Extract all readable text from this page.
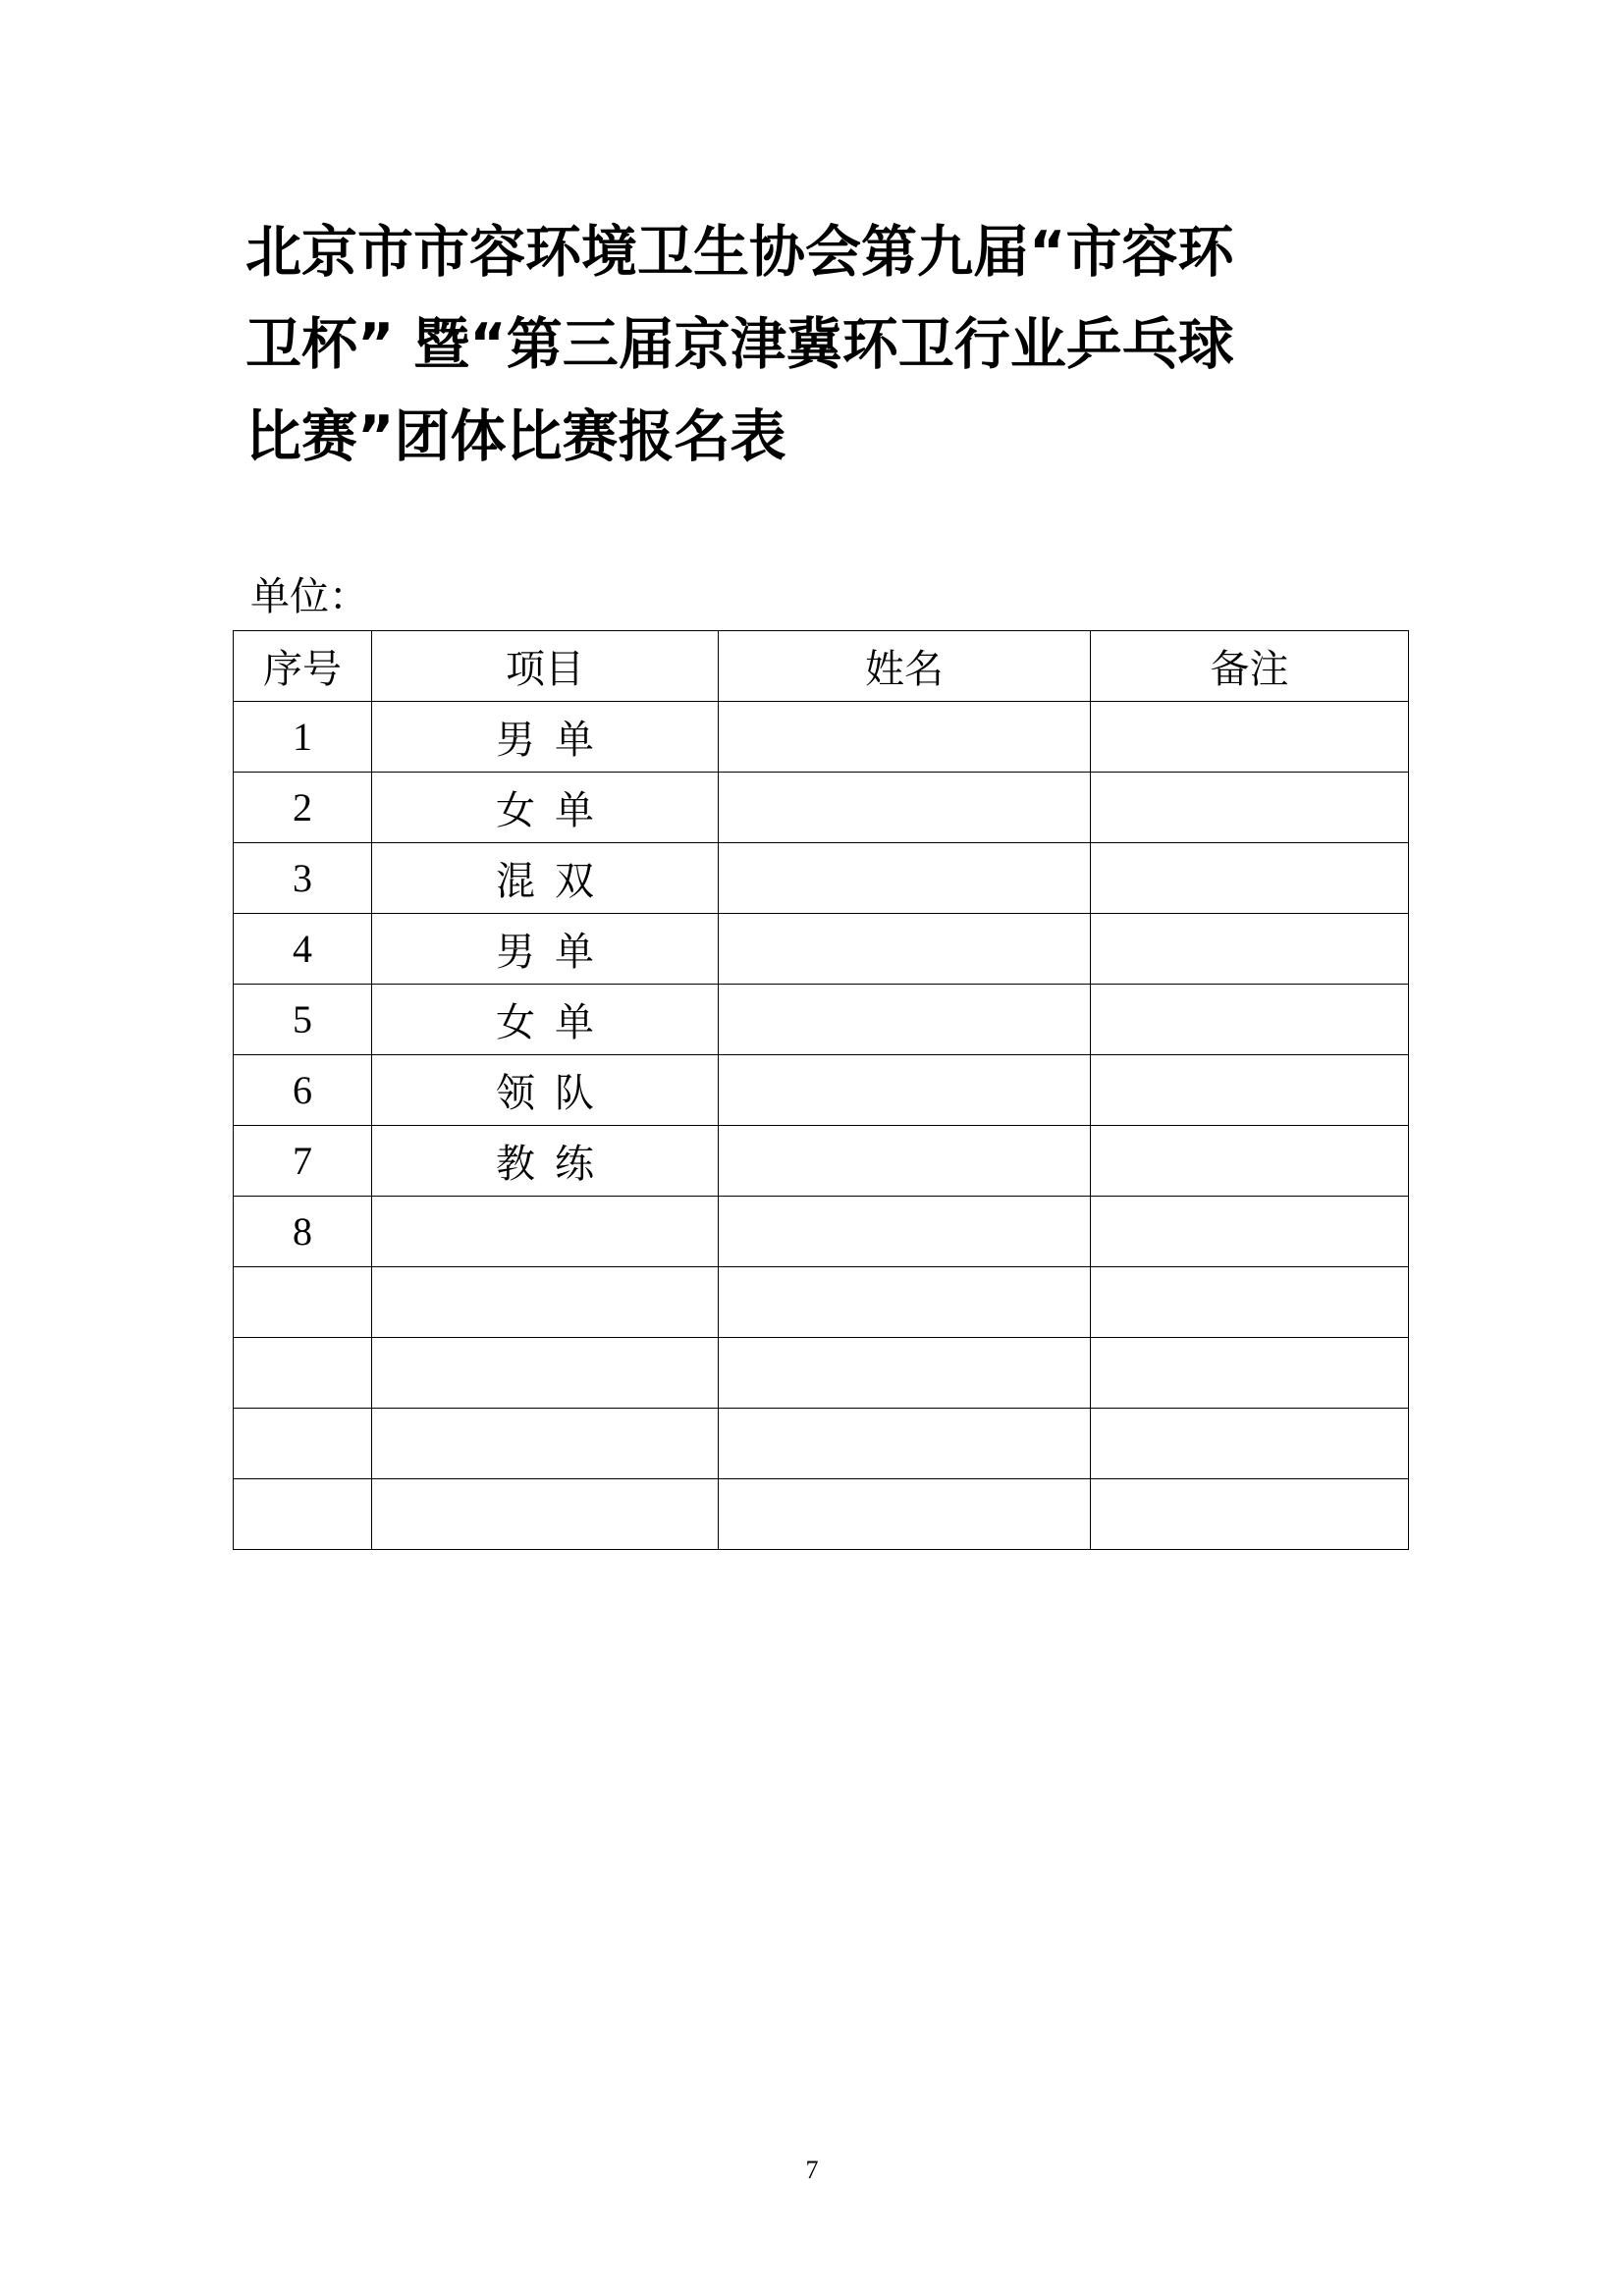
北京市市容环境卫生协会第九届“市容环
卫杯” 暨“第三届京津冀环卫行业乒乓球
比赛”团体比赛报名表
单位：
序号	项目	姓名	备注
1	男  单		
2	女  单		
3	混  双		
4	男  单		
5	女  单		
6	领  队		
7	教  练		
8			

7
